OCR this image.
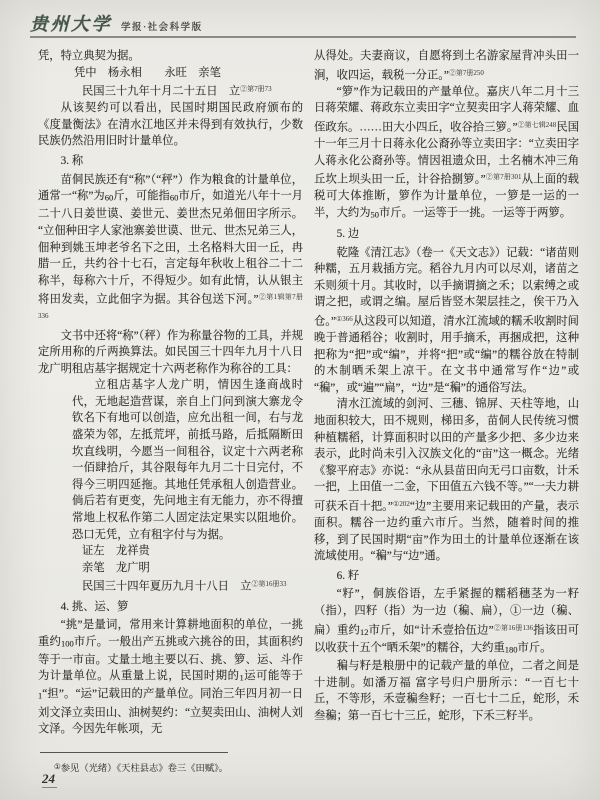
贵州大学 学报·社会科学版
凭，特立典契为据。
凭中　杨永相　　永旺　亲笔
民国三十九年十月二十五日　立$^{②第7册73}$
从该契约可以看出，民国时期国民政府颁布的《度量衡法》在清水江地区并未得到有效执行，少数民族仍然沿用旧时计量单位。
3. 称
苗侗民族还有“称”（“秤”）作为粮食的计量单位，通常一“称”为60斤，可能指60市斤，如道光八年十一月二十八日姜世谟、姜世元、姜世杰兄弟佃田字所示。“立佃种田字人家池寨姜世谟、世元、世杰兄弟三人，佃种到姚玉坤老爷名下之田，土名格料大田一丘，冉腊一丘，共约谷十七石，言定每年秋收上租谷二十二称半，每称六十斤，不得短少。如有此情，认从银主将田发卖，立此佃字为据。其谷包送下河。”$^{②第1辑第7册336}$
文书中还将“称”（秤）作为称量谷物的工具，并规定所用称的斤两换算法。如民国三十四年九月十八日龙广明租店基字据规定十六两老称作为称谷的工具：
立租店基字人龙广明，情因生逢商战时代，无地起造营谋，亲自上门问到演大寨龙令钦名下有地可以创造，应允出租一间，右与龙盛荣为邻，左抵荒坪，前抵马路，后抵隔断田坎直线明，今愿当一间租谷，议定十六两老称一佰肆拾斤，其谷限每年九月二十日完付，不得今三明四延拖。其地任凭承租人创造营业。倘后若有更变，先问地主有无能力，亦不得擅常地上权私作第二人固定法定果实以阻地价。恐口无凭，立有租字付与为据。
证左　龙祥贵
亲笔　龙广明
民国三十四年夏历九月十八日　立$^{②第16册33}$
4. 挑、运、箩
“挑”是量词，常用来计算耕地面积的单位，一挑重约100市斤。一般出产五挑或六挑谷的田，其面积约等于一市亩。丈量土地主要以石、挑、箩、运、斗作为计量单位。从重量上说，民国时期的1运可能等于1“担”。“运”记载田的产量单位。同治三年四月初一日刘文泽立卖田山、油树契约：“立契卖田山、油树人刘文泽。今因先年帐项，无
从得处。夫妻商议，自愿将到土名游家屋背冲头田一涧，收四运，载税一分正。”$^{②第7册250}$
“箩”作为记载田的产量单位。嘉庆八年二月十三日蒋荣耀、蒋政东立卖田字“立契卖田字人蒋荣耀、血侄政东。……田大小四丘，收谷拾三箩。”$^{②第七辑248}$民国十一年三月十日蒋永化公裔孙等立卖田字：“立卖田字人蒋永化公裔孙等。情因祖遗众田，土名楠木冲三角丘坎上坝头田一丘，计谷拾捌箩。”$^{②第7册301}$从上面的载税可大体推断，箩作为计量单位，一箩是一运的一半，大约为50市斤。一运等于一挑。一运等于两箩。
5. 边
乾隆《清江志》（卷一《天文志》）记载：“诸苗则种糯，五月栽插方完。稻谷九月内可以尽刈，诸苗之禾则须十月。其收时，以手摘谓摘之禾；以索缚之或谓之把，或谓之编。屋后皆竖木架层挂之，俟干乃入仓。”$^{①366}$从这段可以知道，清水江流域的糯禾收割时间晚于普通稻谷；收割时，用手摘禾，再捆成把，这种把称为“把”或“编”，并将“把”或“编”的糯谷放在特制的木制晒禾架上凉干。在文书中通常写作“边”或“稨”，或“遍”“扁”，“边”是“稨”的通俗写法。
清水江流域的剑河、三穗、锦屏、天柱等地，山地面积较大，田不规则，梯田多，苗侗人民传统习惯种植糯稻，计算面积时以田的产量多少把、多少边来表示，此时尚未引入汉族文化的“亩”这一概念。光绪《黎平府志》亦说：“永从县苗田向无弓口亩数，计禾一把，上田值一二金，下田值五六钱不等。”“一夫力耕可获禾百十把。”$^{①202}$“边”主要用来记载田的产量，表示面积。糯谷一边约重六市斤。当然，随着时间的推移，到了民国时期“亩”作为田土的计量单位逐渐在该流域使用。“稨”与“边”通。
6. 籽
“籽”，侗族俗语，左手紧握的糯稻穗茎为一籽（指），四籽（指）为一边（稨、扁），①一边（稨、扁）重约12市斤，如“计禾壹拾伍边”$^{②第16册136}$指该田可以收获十五个“晒禾架”的糯谷，大约重180市斤。
稨与籽是粮册中的记载产量的单位，二者之间是十进制。如潘万福 富字号归户册所示：“一百七十丘，不等形，禾壹稨叁籽；一百七十二丘，蛇形，禾叁稨；第一百七十三丘，蛇形，下禾三籽半。
①参见（光绪）《天柱县志》卷三《田赋》。
24
